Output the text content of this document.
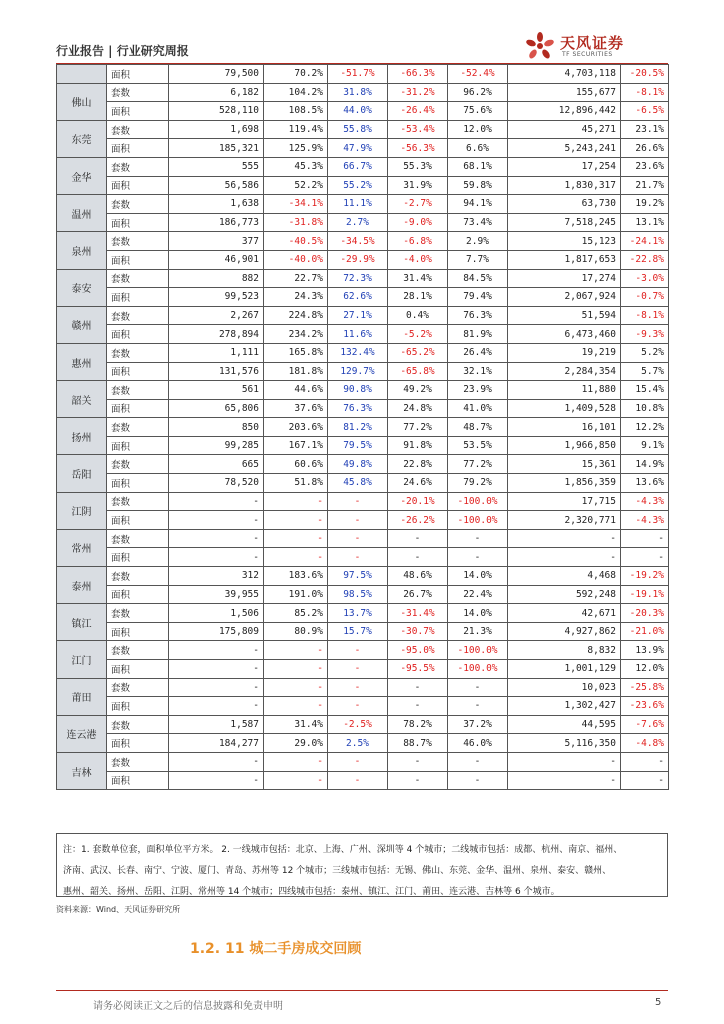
行业报告 | 行业研究周报	天风证券
TF SECURITIES
	面积	79,500	70.2%	-51.7%	-66.3%	-52.4%	4,703,118	-20.5%
佛山	套数	6,182	104.2%	31.8%	-31.2%	96.2%	155,677	-8.1%
	面积	528,110	108.5%	44.0%	-26.4%	75.6%	12,896,442	-6.5%
东莞	套数	1,698	119.4%	55.8%	-53.4%	12.0%	45,271	23.1%
	面积	185,321	125.9%	47.9%	-56.3%	6.6%	5,243,241	26.6%
金华	套数	555	45.3%	66.7%	55.3%	68.1%	17,254	23.6%
	面积	56,586	52.2%	55.2%	31.9%	59.8%	1,830,317	21.7%
温州	套数	1,638	-34.1%	11.1%	-2.7%	94.1%	63,730	19.2%
	面积	186,773	-31.8%	2.7%	-9.0%	73.4%	7,518,245	13.1%
泉州	套数	377	-40.5%	-34.5%	-6.8%	2.9%	15,123	-24.1%
	面积	46,901	-40.0%	-29.9%	-4.0%	7.7%	1,817,653	-22.8%
泰安	套数	882	22.7%	72.3%	31.4%	84.5%	17,274	-3.0%
	面积	99,523	24.3%	62.6%	28.1%	79.4%	2,067,924	-0.7%
赣州	套数	2,267	224.8%	27.1%	0.4%	76.3%	51,594	-8.1%
	面积	278,894	234.2%	11.6%	-5.2%	81.9%	6,473,460	-9.3%
惠州	套数	1,111	165.8%	132.4%	-65.2%	26.4%	19,219	5.2%
	面积	131,576	181.8%	129.7%	-65.8%	32.1%	2,284,354	5.7%
韶关	套数	561	44.6%	90.8%	49.2%	23.9%	11,880	15.4%
	面积	65,806	37.6%	76.3%	24.8%	41.0%	1,409,528	10.8%
扬州	套数	850	203.6%	81.2%	77.2%	48.7%	16,101	12.2%
	面积	99,285	167.1%	79.5%	91.8%	53.5%	1,966,850	9.1%
岳阳	套数	665	60.6%	49.8%	22.8%	77.2%	15,361	14.9%
	面积	78,520	51.8%	45.8%	24.6%	79.2%	1,856,359	13.6%
江阴	套数	-	-	-	-20.1%	-100.0%	17,715	-4.3%
	面积	-	-	-	-26.2%	-100.0%	2,320,771	-4.3%
常州	套数	-	-	-	-	-	-	-
	面积	-	-	-	-	-	-	-
泰州	套数	312	183.6%	97.5%	48.6%	14.0%	4,468	-19.2%
	面积	39,955	191.0%	98.5%	26.7%	22.4%	592,248	-19.1%
镇江	套数	1,506	85.2%	13.7%	-31.4%	14.0%	42,671	-20.3%
	面积	175,809	80.9%	15.7%	-30.7%	21.3%	4,927,862	-21.0%
江门	套数	-	-	-	-95.0%	-100.0%	8,832	13.9%
	面积	-	-	-	-95.5%	-100.0%	1,001,129	12.0%
莆田	套数	-	-	-	-	-	10,023	-25.8%
	面积	-	-	-	-	-	1,302,427	-23.6%
连云港	套数	1,587	31.4%	-2.5%	78.2%	37.2%	44,595	-7.6%
	面积	184,277	29.0%	2.5%	88.7%	46.0%	5,116,350	-4.8%
吉林	套数	-	-	-	-	-	-	-
	面积	-	-	-	-	-	-	-
注：1. 套数单位套，面积单位平方米。 2. 一线城市包括：北京、上海、广州、深圳等 4 个城市；二线城市包括：成都、杭州、南京、福州、
济南、武汉、长春、南宁、宁波、厦门、青岛、苏州等 12 个城市；三线城市包括：无锡、佛山、东莞、金华、温州、泉州、泰安、赣州、
惠州、韶关、扬州、岳阳、江阴、常州等 14 个城市；四线城市包括：泰州、镇江、江门、莆田、连云港、吉林等 6 个城市。
资料来源：Wind、天风证券研究所
1.2. 11 城二手房成交回顾
请务必阅读正文之后的信息披露和免责申明	5
